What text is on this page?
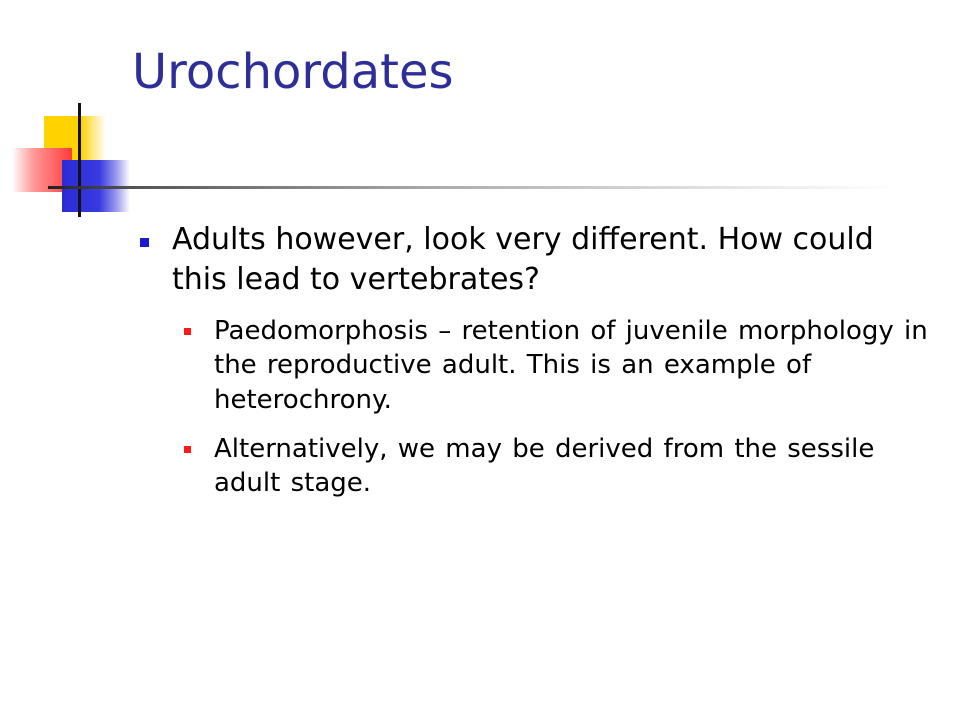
Urochordates
Adults however, look very different. How could this lead to vertebrates?
Paedomorphosis – retention of juvenile morphology in the reproductive adult. This is an example of heterochrony.
Alternatively, we may be derived from the sessile adult stage.
